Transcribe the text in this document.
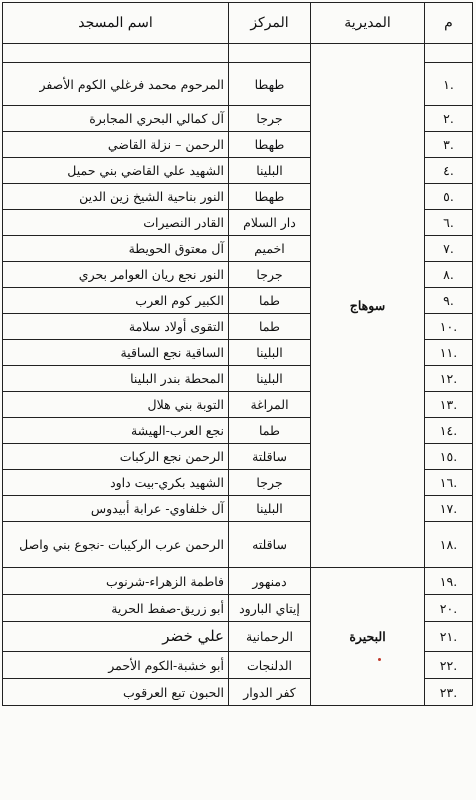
م	المديرية	المركز	اسم المسجد
	سوهاج		
.١		طهطا	المرحوم محمد فرغلي الكوم الأصفر
.٢		جرجا	آل كمالي البحري المجابرة
.٣		طهطا	الرحمن – نزلة القاضي
.٤		البلينا	الشهيد علي القاضي بني حميل
.٥		طهطا	النور بناحية الشيخ زين الدين
.٦		دار السلام	القادر النصيرات
.٧		اخميم	آل معتوق الحويطة
.٨		جرجا	النور نجع ريان العوامر بحري
.٩		طما	الكبير كوم العرب
.١٠		طما	التقوى أولاد سلامة
.١١		البلينا	الساقية نجع الساقية
.١٢		البلينا	المحطة بندر البلينا
.١٣		المراغة	التوبة بني هلال
.١٤		طما	نجع العرب-الهيشة
.١٥		ساقلتة	الرحمن نجع الركبات
.١٦		جرجا	الشهيد بكري-بيت داود
.١٧		البلينا	آل خلفاوي- عرابة أبيدوس
.١٨		ساقلته	الرحمن عرب الركيبات -نجوع بني واصل
.١٩	البحيرة	دمنهور	فاطمة الزهراء-شرنوب
.٢٠		إيتاي البارود	أبو زريق-صفط الحرية
.٢١		الرحمانية	علي خضر
.٢٢		الدلنجات	أبو خشبة-الكوم الأحمر
.٢٣		كفر الدوار	الحبون تبع العرقوب
